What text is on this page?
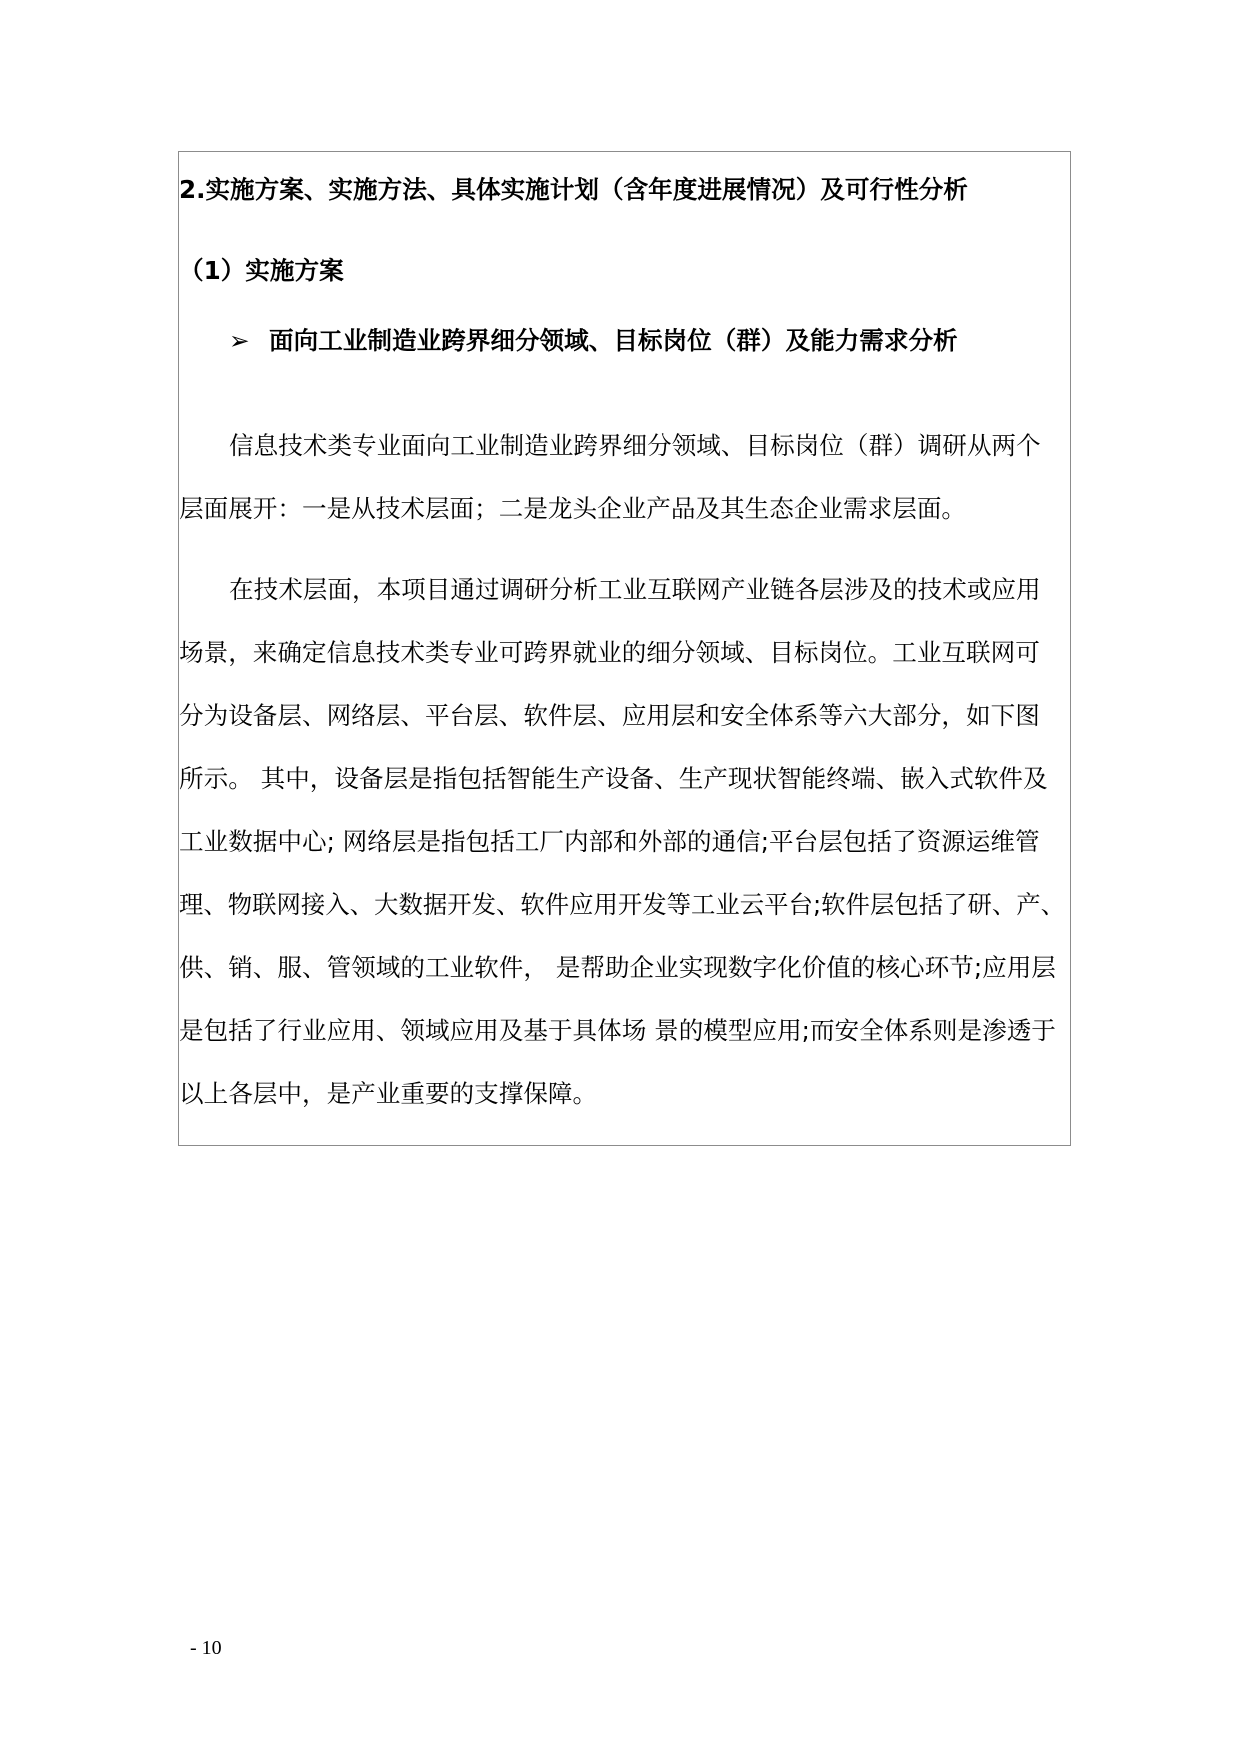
2.实施方案、实施方法、具体实施计划（含年度进展情况）及可行性分析
（1）实施方案
➢ 面向工业制造业跨界细分领域、目标岗位（群）及能力需求分析
信息技术类专业面向工业制造业跨界细分领域、目标岗位（群）调研从两个
层面展开：一是从技术层面；二是龙头企业产品及其生态企业需求层面。
在技术层面，本项目通过调研分析工业互联网产业链各层涉及的技术或应用
场景，来确定信息技术类专业可跨界就业的细分领域、目标岗位。工业互联网可
分为设备层、网络层、平台层、软件层、应用层和安全体系等六大部分，如下图
所示。 其中，设备层是指包括智能生产设备、生产现状智能终端、嵌入式软件及
工业数据中心; 网络层是指包括工厂内部和外部的通信;平台层包括了资源运维管
理、物联网接入、大数据开发、软件应用开发等工业云平台;软件层包括了研、产、
供、销、服、管领域的工业软件， 是帮助企业实现数字化价值的核心环节;应用层
是包括了行业应用、领域应用及基于具体场 景的模型应用;而安全体系则是渗透于
以上各层中，是产业重要的支撑保障。
- 10
